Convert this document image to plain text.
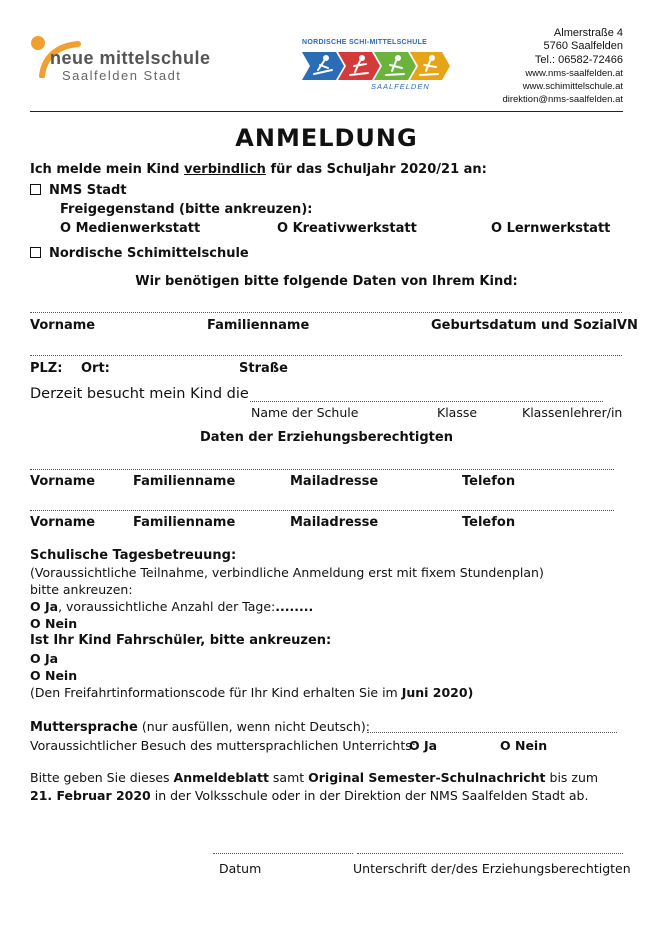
neue mittelschule
Saalfelden Stadt
NORDISCHE SCHI-MITTELSCHULE
SAALFELDEN
Almerstraße 4
5760 Saalfelden
Tel.: 06582-72466
www.nms-saalfelden.at
www.schimittelschule.at
direktion@nms-saalfelden.at
ANMELDUNG
Ich melde mein Kind verbindlich für das Schuljahr 2020/21 an:
NMS Stadt
Freigegenstand (bitte ankreuzen):
O Medienwerkstatt	O Kreativwerkstatt	O Lernwerkstatt
Nordische Schimittelschule
Wir benötigen bitte folgende Daten von Ihrem Kind:
Vorname	Familienname	Geburtsdatum und SozialVN
PLZ: Ort:	Straße
Derzeit besucht mein Kind die
Name der Schule	Klasse	Klassenlehrer/in
Daten der Erziehungsberechtigten
Vorname	Familienname	Mailadresse	Telefon
Vorname	Familienname	Mailadresse	Telefon
Schulische Tagesbetreuung:
(Voraussichtliche Teilnahme, verbindliche Anmeldung erst mit fixem Stundenplan)
bitte ankreuzen:
O Ja, voraussichtliche Anzahl der Tage:........
O Nein
Ist Ihr Kind Fahrschüler, bitte ankreuzen:
O Ja
O Nein
(Den Freifahrtinformationscode für Ihr Kind erhalten Sie im Juni 2020)
Muttersprache (nur ausfüllen, wenn nicht Deutsch):
Voraussichtlicher Besuch des muttersprachlichen Unterrichts:
O Ja	O Nein
Bitte geben Sie dieses Anmeldeblatt samt Original Semester-Schulnachricht bis zum
21. Februar 2020 in der Volksschule oder in der Direktion der NMS Saalfelden Stadt ab.
Datum	Unterschrift der/des Erziehungsberechtigten
